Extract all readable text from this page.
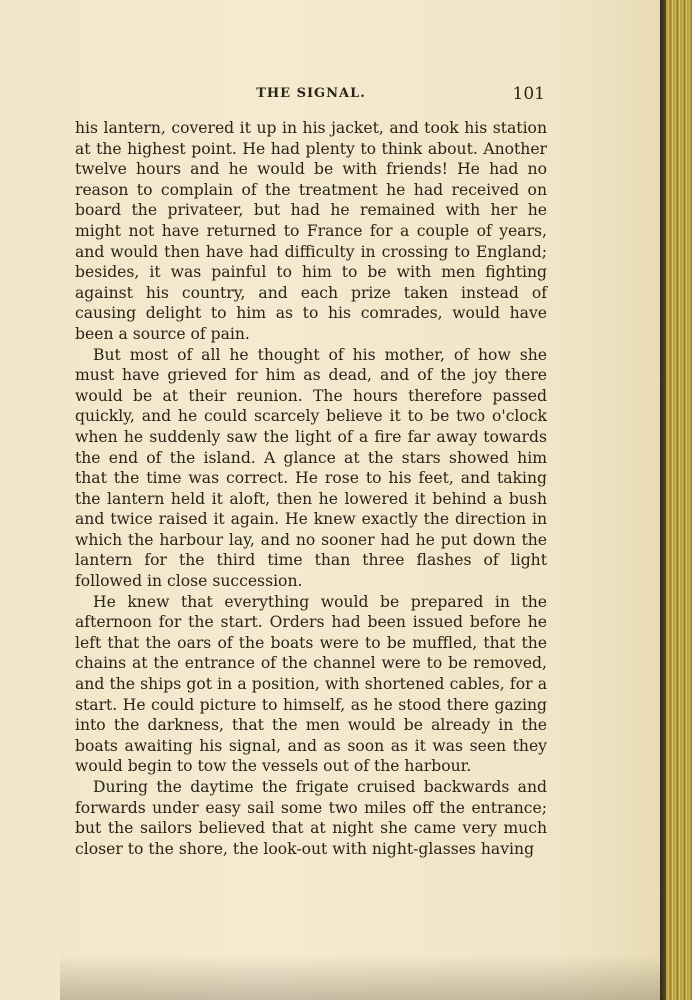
THE SIGNAL.	101

his lantern, covered it up in his jacket, and took his station at the highest point. He had plenty to think about. Another twelve hours and he would be with friends! He had no reason to complain of the treatment he had received on board the privateer, but had he remained with her he might not have returned to France for a couple of years, and would then have had difficulty in crossing to England; besides, it was painful to him to be with men fighting against his country, and each prize taken instead of causing delight to him as to his comrades, would have been a source of pain.

But most of all he thought of his mother, of how she must have grieved for him as dead, and of the joy there would be at their reunion. The hours therefore passed quickly, and he could scarcely believe it to be two o'clock when he suddenly saw the light of a fire far away towards the end of the island. A glance at the stars showed him that the time was correct. He rose to his feet, and taking the lantern held it aloft, then he lowered it behind a bush and twice raised it again. He knew exactly the direction in which the harbour lay, and no sooner had he put down the lantern for the third time than three flashes of light followed in close succession.

He knew that everything would be prepared in the afternoon for the start. Orders had been issued before he left that the oars of the boats were to be muffled, that the chains at the entrance of the channel were to be removed, and the ships got in a position, with shortened cables, for a start. He could picture to himself, as he stood there gazing into the darkness, that the men would be already in the boats awaiting his signal, and as soon as it was seen they would begin to tow the vessels out of the harbour.

During the daytime the frigate cruised backwards and forwards under easy sail some two miles off the entrance; but the sailors believed that at night she came very much closer to the shore, the look-out with night-glasses having
